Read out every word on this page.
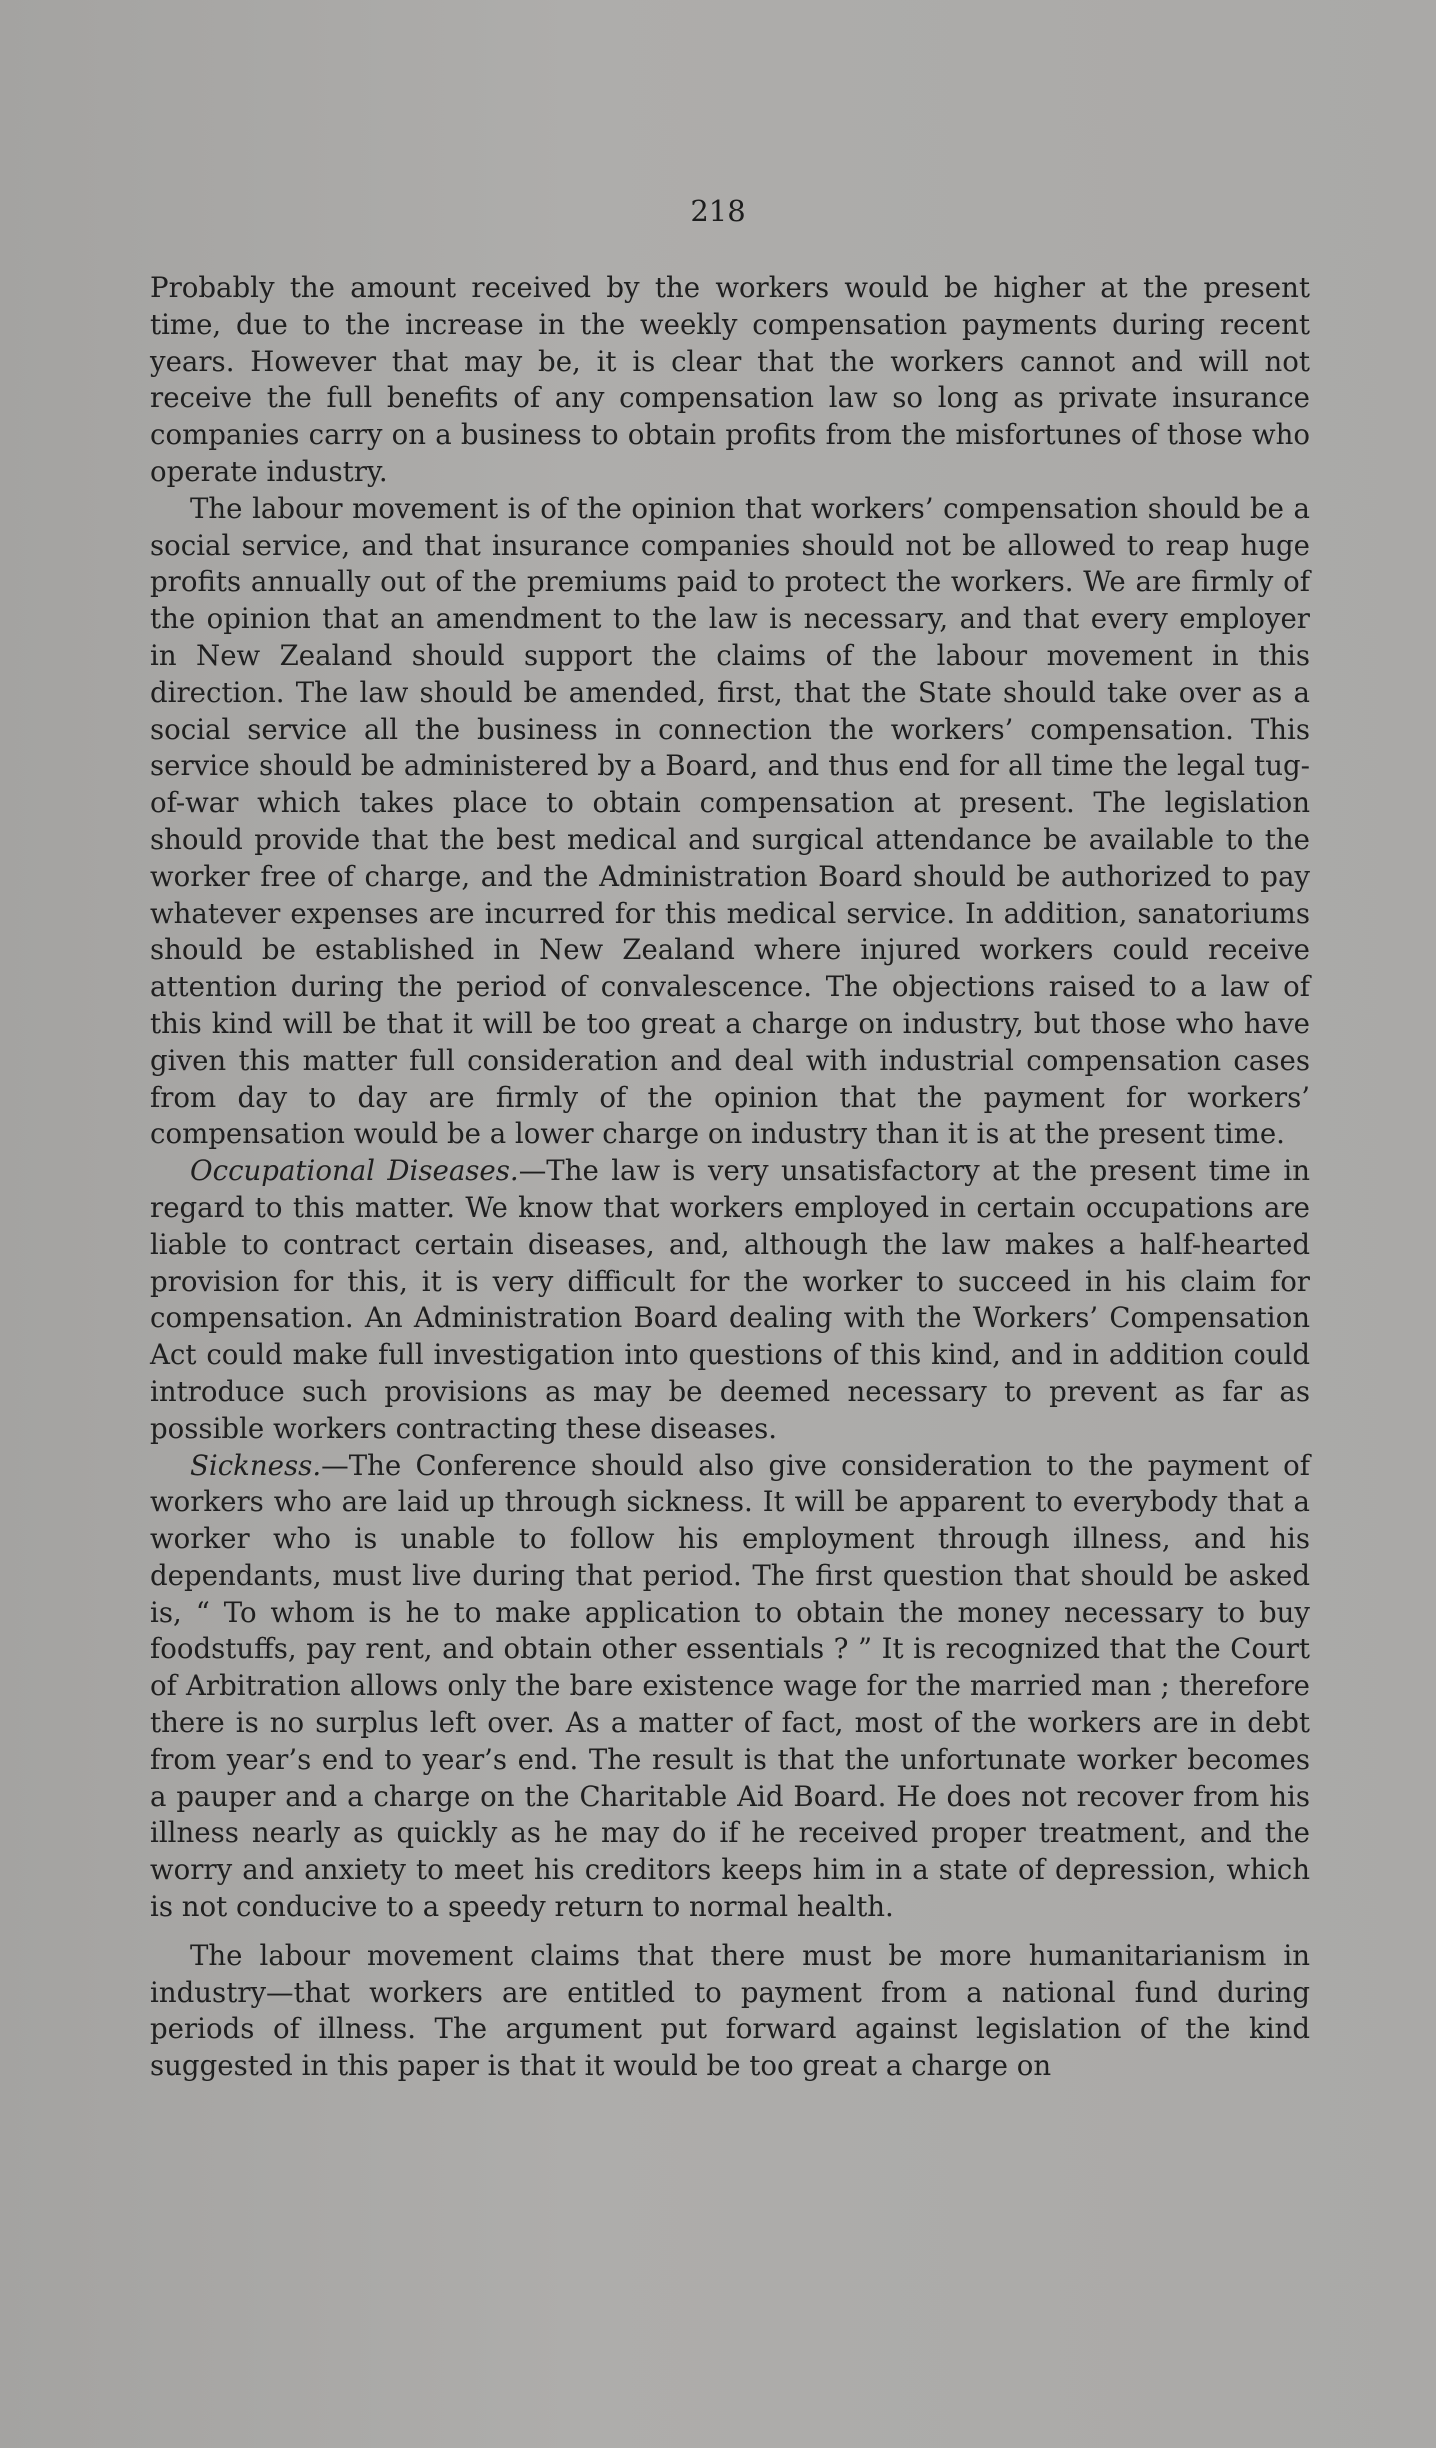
218

Probably the amount received by the workers would be higher at the present time, due to the increase in the weekly compensation payments during recent years. However that may be, it is clear that the workers cannot and will not receive the full benefits of any compensation law so long as private insurance companies carry on a business to obtain profits from the misfortunes of those who operate industry.

The labour movement is of the opinion that workers’ compensation should be a social service, and that insurance companies should not be allowed to reap huge profits annually out of the premiums paid to protect the workers. We are firmly of the opinion that an amendment to the law is necessary, and that every employer in New Zealand should support the claims of the labour movement in this direction. The law should be amended, first, that the State should take over as a social service all the business in connection the workers’ compensation. This service should be administered by a Board, and thus end for all time the legal tug-of-war which takes place to obtain compensation at present. The legislation should provide that the best medical and surgical attendance be available to the worker free of charge, and the Administration Board should be authorized to pay whatever expenses are incurred for this medical service. In addition, sanatoriums should be established in New Zealand where injured workers could receive attention during the period of convalescence. The objections raised to a law of this kind will be that it will be too great a charge on industry, but those who have given this matter full consideration and deal with industrial compensation cases from day to day are firmly of the opinion that the payment for workers’ compensation would be a lower charge on industry than it is at the present time.

Occupational Diseases.—The law is very unsatisfactory at the present time in regard to this matter. We know that workers employed in certain occupations are liable to contract certain diseases, and, although the law makes a half-hearted provision for this, it is very difficult for the worker to succeed in his claim for compensation. An Administration Board dealing with the Workers’ Compensation Act could make full investigation into questions of this kind, and in addition could introduce such provisions as may be deemed necessary to prevent as far as possible workers contracting these diseases.

Sickness.—The Conference should also give consideration to the payment of workers who are laid up through sickness. It will be apparent to everybody that a worker who is unable to follow his employment through illness, and his dependants, must live during that period. The first question that should be asked is, “ To whom is he to make application to obtain the money necessary to buy foodstuffs, pay rent, and obtain other essentials ? ” It is recognized that the Court of Arbitration allows only the bare existence wage for the married man ; therefore there is no surplus left over. As a matter of fact, most of the workers are in debt from year’s end to year’s end. The result is that the unfortunate worker becomes a pauper and a charge on the Charitable Aid Board. He does not recover from his illness nearly as quickly as he may do if he received proper treatment, and the worry and anxiety to meet his creditors keeps him in a state of depression, which is not conducive to a speedy return to normal health.

The labour movement claims that there must be more humanitarianism in industry—that workers are entitled to payment from a national fund during periods of illness. The argument put forward against legislation of the kind suggested in this paper is that it would be too great a charge on
